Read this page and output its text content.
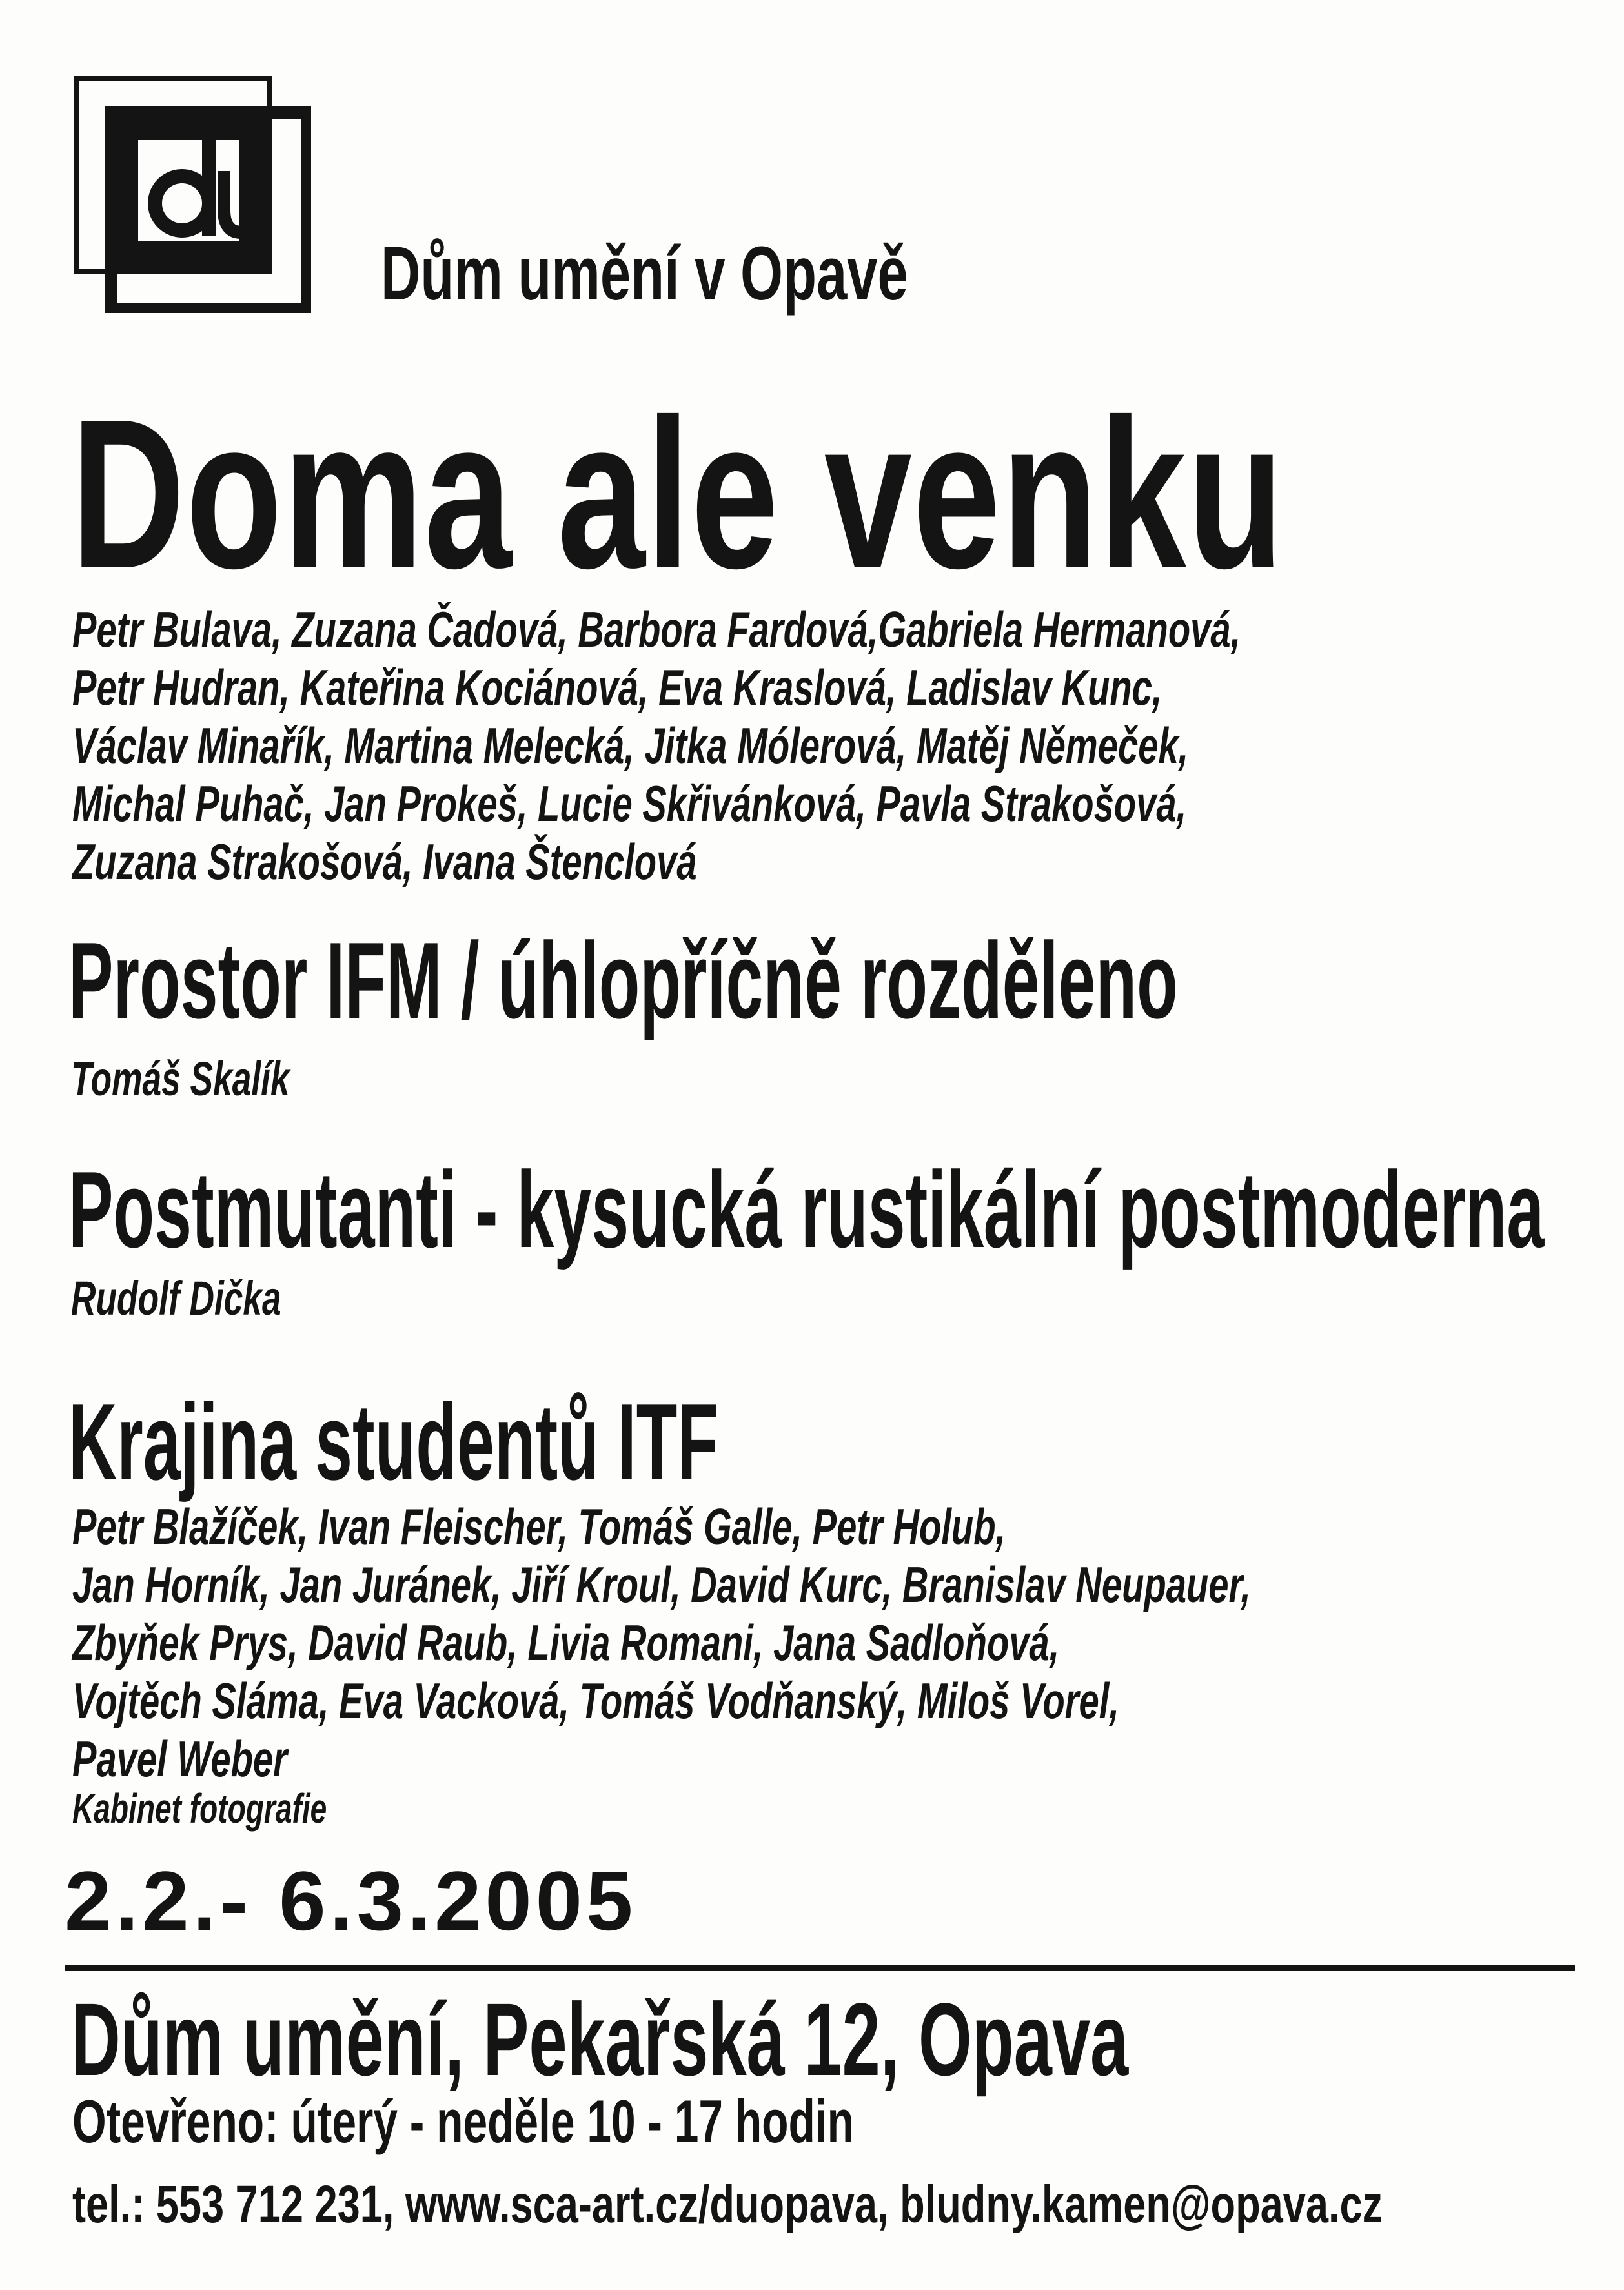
Dům umění v Opavě
Doma ale venku
Petr Bulava, Zuzana Čadová, Barbora Fardová,Gabriela Hermanová,
Petr Hudran, Kateřina Kociánová, Eva Kraslová, Ladislav Kunc,
Václav Minařík, Martina Melecká, Jitka Mólerová, Matěj Němeček,
Michal Puhač, Jan Prokeš, Lucie Skřivánková, Pavla Strakošová,
Zuzana Strakošová, Ivana Štenclová
Prostor IFM / úhlopříčně rozděleno
Tomáš Skalík
Postmutanti - kysucká rustikální postmoderna
Rudolf Dička
Krajina studentů ITF
Petr Blažíček, Ivan Fleischer, Tomáš Galle, Petr Holub,
Jan Horník, Jan Juránek, Jiří Kroul, David Kurc, Branislav Neupauer,
Zbyňek Prys, David Raub, Livia Romani, Jana Sadloňová,
Vojtěch Sláma, Eva Vacková, Tomáš Vodňanský, Miloš Vorel,
Pavel Weber
Kabinet fotografie
2.2.- 6.3.2005
Dům umění, Pekařská 12, Opava
Otevřeno: úterý - neděle 10 - 17 hodin
tel.: 553 712 231, www.sca-art.cz/duopava, bludny.kamen@opava.cz
